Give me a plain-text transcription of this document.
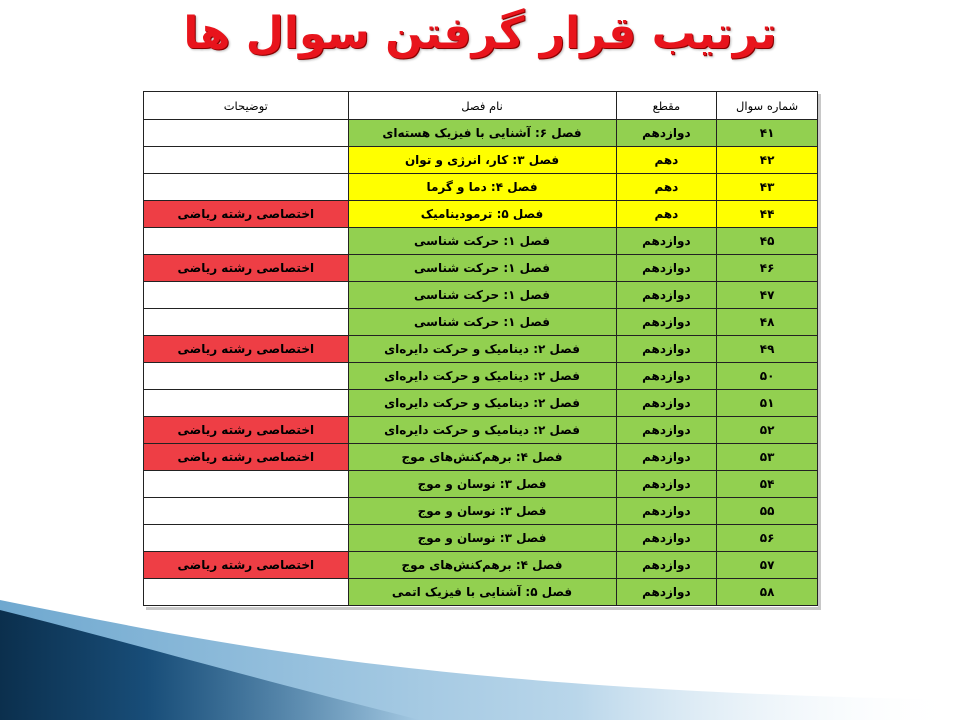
ترتیب قرار گرفتن سوال ها
شماره سوال	مقطع	نام فصل	توضیحات
۴۱	دوازدهم	فصل ۶: آشنایی با فیزیک هسته‌ای	
۴۲	دهم	فصل ۳: کار، انرژی و توان	
۴۳	دهم	فصل ۴: دما و گرما	
۴۴	دهم	فصل ۵: ترمودینامیک	اختصاصی رشته ریاضی
۴۵	دوازدهم	فصل ۱: حرکت شناسی	
۴۶	دوازدهم	فصل ۱: حرکت شناسی	اختصاصی رشته ریاضی
۴۷	دوازدهم	فصل ۱: حرکت شناسی	
۴۸	دوازدهم	فصل ۱: حرکت شناسی	
۴۹	دوازدهم	فصل ۲: دینامیک و حرکت دایره‌ای	اختصاصی رشته ریاضی
۵۰	دوازدهم	فصل ۲: دینامیک و حرکت دایره‌ای	
۵۱	دوازدهم	فصل ۲: دینامیک و حرکت دایره‌ای	
۵۲	دوازدهم	فصل ۲: دینامیک و حرکت دایره‌ای	اختصاصی رشته ریاضی
۵۳	دوازدهم	فصل ۴: برهم‌کنش‌های موج	اختصاصی رشته ریاضی
۵۴	دوازدهم	فصل ۳: نوسان و موج	
۵۵	دوازدهم	فصل ۳: نوسان و موج	
۵۶	دوازدهم	فصل ۳: نوسان و موج	
۵۷	دوازدهم	فصل ۴: برهم‌کنش‌های موج	اختصاصی رشته ریاضی
۵۸	دوازدهم	فصل ۵: آشنایی با فیزیک اتمی	
